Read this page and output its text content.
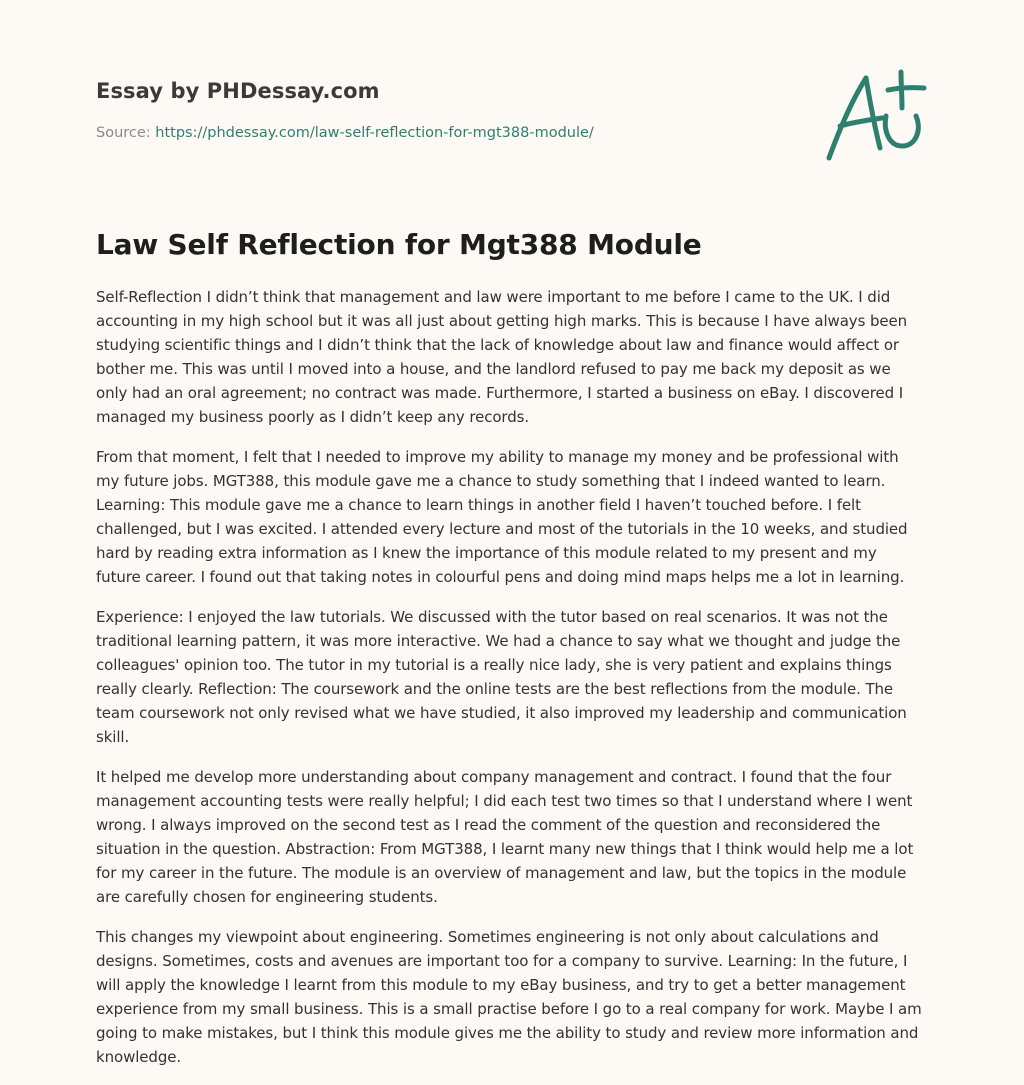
Essay by PHDessay.com
Source: https://phdessay.com/law-self-reflection-for-mgt388-module/
Law Self Reflection for Mgt388 Module

Self-Reflection I didn’t think that management and law were important to me before I came to the UK. I did accounting in my high school but it was all just about getting high marks. This is because I have always been studying scientific things and I didn’t think that the lack of knowledge about law and finance would affect or bother me. This was until I moved into a house, and the landlord refused to pay me back my deposit as we only had an oral agreement; no contract was made. Furthermore, I started a business on eBay. I discovered I managed my business poorly as I didn’t keep any records.

From that moment, I felt that I needed to improve my ability to manage my money and be professional with my future jobs. MGT388, this module gave me a chance to study something that I indeed wanted to learn. Learning: This module gave me a chance to learn things in another field I haven’t touched before. I felt challenged, but I was excited. I attended every lecture and most of the tutorials in the 10 weeks, and studied hard by reading extra information as I knew the importance of this module related to my present and my future career. I found out that taking notes in colourful pens and doing mind maps helps me a lot in learning.

Experience: I enjoyed the law tutorials. We discussed with the tutor based on real scenarios. It was not the traditional learning pattern, it was more interactive. We had a chance to say what we thought and judge the colleagues' opinion too. The tutor in my tutorial is a really nice lady, she is very patient and explains things really clearly. Reflection: The coursework and the online tests are the best reflections from the module. The team coursework not only revised what we have studied, it also improved my leadership and communication skill.

It helped me develop more understanding about company management and contract. I found that the four management accounting tests were really helpful; I did each test two times so that I understand where I went wrong. I always improved on the second test as I read the comment of the question and reconsidered the situation in the question. Abstraction: From MGT388, I learnt many new things that I think would help me a lot for my career in the future. The module is an overview of management and law, but the topics in the module are carefully chosen for engineering students.

This changes my viewpoint about engineering. Sometimes engineering is not only about calculations and designs. Sometimes, costs and avenues are important too for a company to survive. Learning: In the future, I will apply the knowledge I learnt from this module to my eBay business, and try to get a better management experience from my small business. This is a small practise before I go to a real company for work. Maybe I am going to make mistakes, but I think this module gives me the ability to study and review more information and knowledge.
